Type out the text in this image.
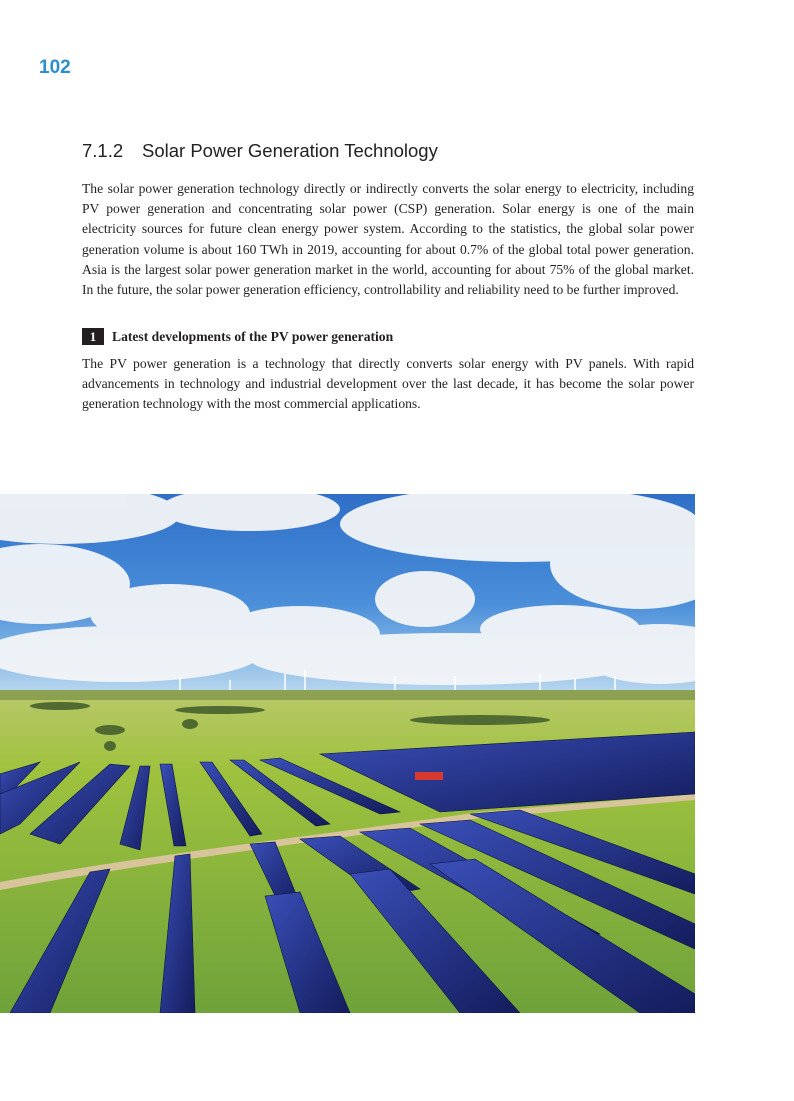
102
7.1.2 Solar Power Generation Technology

The solar power generation technology directly or indirectly converts the solar energy to electricity, including PV power generation and concentrating solar power (CSP) generation. Solar energy is one of the main electricity sources for future clean energy power system. According to the statistics, the global solar power generation volume is about 160 TWh in 2019, accounting for about 0.7% of the global total power generation. Asia is the largest solar power generation market in the world, accounting for about 75% of the global market. In the future, the solar power generation efficiency, controllability and reliability need to be further improved.

1	Latest developments of the PV power generation

The PV power generation is a technology that directly converts solar energy with PV panels. With rapid advancements in technology and industrial development over the last decade, it has become the solar power generation technology with the most commercial applications.
